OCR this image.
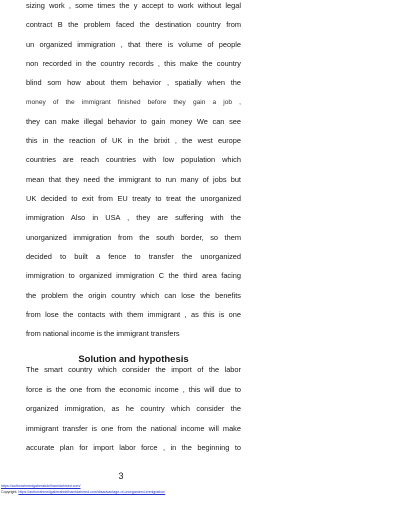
sizing work , some times the y accept to work without legal
contract B the problem faced the destination country from
un organized immigration , that there is volume of people
non recorded in the country records , this make the country
blind som how about them behavior , spatially when the
money of the immigrant finished before they gain a job ,
they can make illegal behavior to gain money We can see
this in the reaction of UK in the brixit , the west europe
countries are reach countries with low population which
mean that they need the immigrant to run many of jobs but
UK decided to exit from EU treaty to treat the unorganized
immigration Also in USA , they are suffering with the
unorganized immigration from the south border, so them
decided to built a fence to transfer the unorganized
immigration to organized immigration C the third area facing
the problem the origin country which can lose the benefits
from lose the contacts with them immigrant , as this is one
from national income is the immigrant transfers
Solution and hypothesis
The smart country which consider the import of the labor
force is the one from the economic income , this will due to
organized immigration, as he country which consider the
immigrant transfer is one from the national income will make
accurate plan for import labor force , in the beginning to
3
https://authorahmedgaberabdelhamidahmed.com/
Copyright: https://authorahmedgaberabdelhamidahmed.com/disadvantage-of-unorganized-immigration/
